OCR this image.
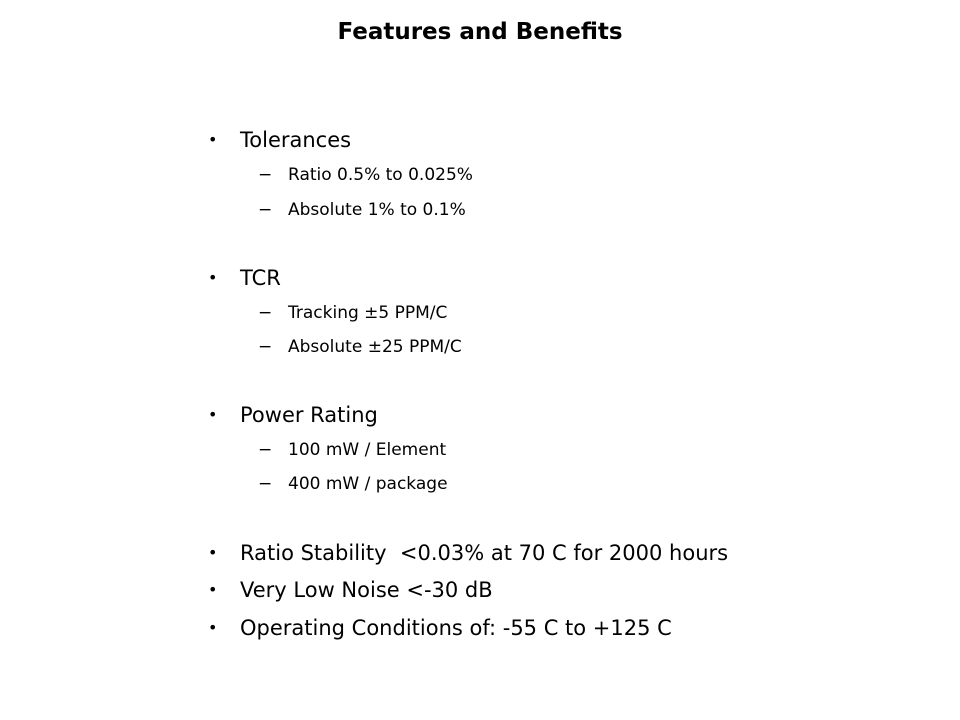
Features and Benefits
• Tolerances
− Ratio 0.5% to 0.025%
− Absolute 1% to 0.1%
• TCR
− Tracking ±5 PPM/C
− Absolute ±25 PPM/C
• Power Rating
− 100 mW / Element
− 400 mW / package
• Ratio Stability  <0.03% at 70 C for 2000 hours
• Very Low Noise <-30 dB
• Operating Conditions of: -55 C to +125 C
